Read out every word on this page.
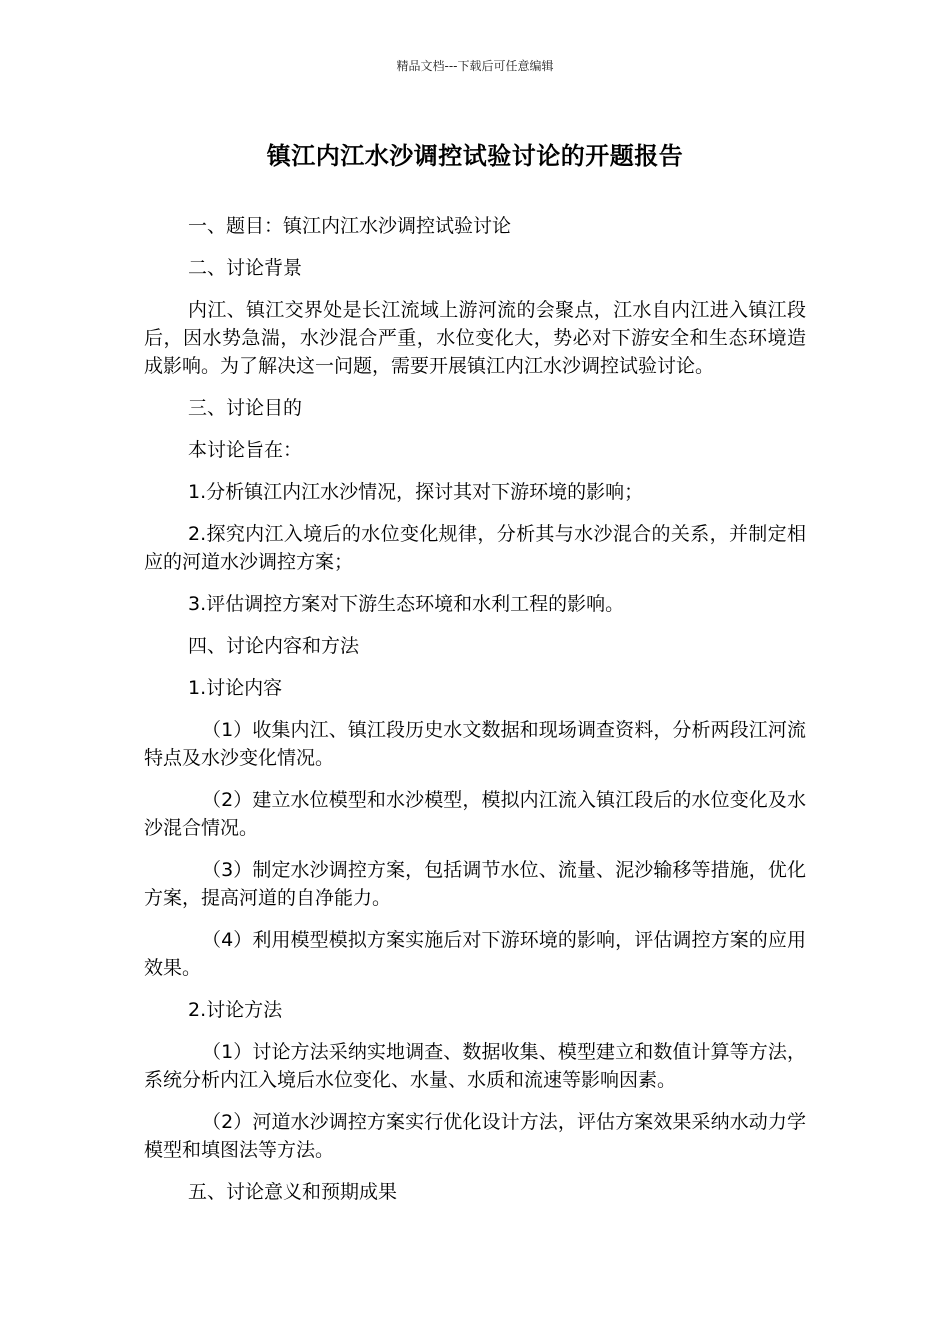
精品文档---下载后可任意编辑
镇江内江水沙调控试验讨论的开题报告

一、题目：镇江内江水沙调控试验讨论

二、讨论背景

内江、镇江交界处是长江流域上游河流的会聚点，江水自内江进入镇江段后，因水势急湍，水沙混合严重，水位变化大，势必对下游安全和生态环境造成影响。为了解决这一问题，需要开展镇江内江水沙调控试验讨论。

三、讨论目的

本讨论旨在：

1.分析镇江内江水沙情况，探讨其对下游环境的影响；

2.探究内江入境后的水位变化规律，分析其与水沙混合的关系，并制定相应的河道水沙调控方案；

3.评估调控方案对下游生态环境和水利工程的影响。

四、讨论内容和方法

1.讨论内容

（1）收集内江、镇江段历史水文数据和现场调查资料，分析两段江河流特点及水沙变化情况。

（2）建立水位模型和水沙模型，模拟内江流入镇江段后的水位变化及水沙混合情况。

（3）制定水沙调控方案，包括调节水位、流量、泥沙输移等措施，优化方案，提高河道的自净能力。

（4）利用模型模拟方案实施后对下游环境的影响，评估调控方案的应用效果。

2.讨论方法

（1）讨论方法采纳实地调查、数据收集、模型建立和数值计算等方法，系统分析内江入境后水位变化、水量、水质和流速等影响因素。

（2）河道水沙调控方案实行优化设计方法，评估方案效果采纳水动力学模型和填图法等方法。

五、讨论意义和预期成果
